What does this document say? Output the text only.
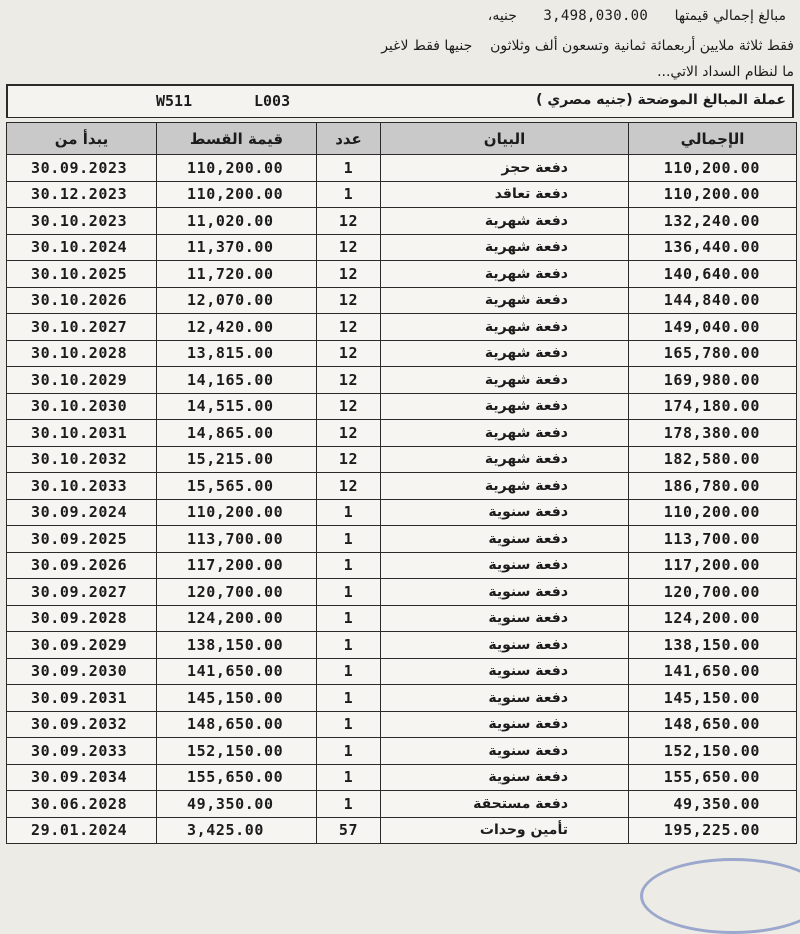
مبالغ إجمالي قيمتها 3,498,030.00 جنيه،
فقط ثلاثة ملايين أربعمائة ثمانية وتسعون ألف وثلاثون    جنيها فقط لاغير
ما لنظام السداد الاتي...
W511	L003	عملة المبالغ الموضحة (جنيه مصري )
يبدأ من	قيمة القسط	عدد	البيان	الإجمالي
30.09.2023	110,200.00	1	دفعة حجز	110,200.00
30.12.2023	110,200.00	1	دفعة تعاقد	110,200.00
30.10.2023	11,020.00	12	دفعة شهرية	132,240.00
30.10.2024	11,370.00	12	دفعة شهرية	136,440.00
30.10.2025	11,720.00	12	دفعة شهرية	140,640.00
30.10.2026	12,070.00	12	دفعة شهرية	144,840.00
30.10.2027	12,420.00	12	دفعة شهرية	149,040.00
30.10.2028	13,815.00	12	دفعة شهرية	165,780.00
30.10.2029	14,165.00	12	دفعة شهرية	169,980.00
30.10.2030	14,515.00	12	دفعة شهرية	174,180.00
30.10.2031	14,865.00	12	دفعة شهرية	178,380.00
30.10.2032	15,215.00	12	دفعة شهرية	182,580.00
30.10.2033	15,565.00	12	دفعة شهرية	186,780.00
30.09.2024	110,200.00	1	دفعة سنوية	110,200.00
30.09.2025	113,700.00	1	دفعة سنوية	113,700.00
30.09.2026	117,200.00	1	دفعة سنوية	117,200.00
30.09.2027	120,700.00	1	دفعة سنوية	120,700.00
30.09.2028	124,200.00	1	دفعة سنوية	124,200.00
30.09.2029	138,150.00	1	دفعة سنوية	138,150.00
30.09.2030	141,650.00	1	دفعة سنوية	141,650.00
30.09.2031	145,150.00	1	دفعة سنوية	145,150.00
30.09.2032	148,650.00	1	دفعة سنوية	148,650.00
30.09.2033	152,150.00	1	دفعة سنوية	152,150.00
30.09.2034	155,650.00	1	دفعة سنوية	155,650.00
30.06.2028	49,350.00	1	دفعة مستحقة	49,350.00
29.01.2024	3,425.00	57	تأمين وحدات	195,225.00
